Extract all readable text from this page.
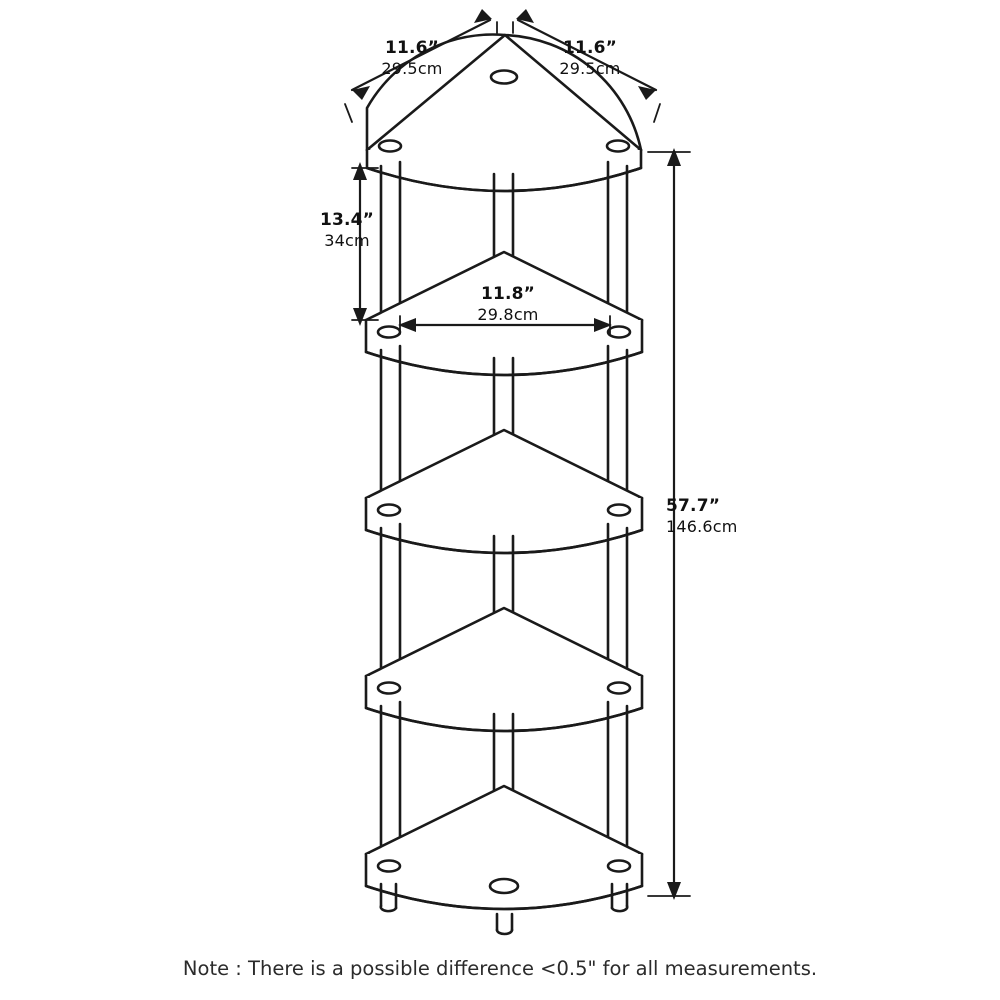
11.6”
29.5cm
11.6”
29.5cm
13.4”
34cm
11.8”
29.8cm
57.7”
146.6cm
Note : There is a possible difference <0.5" for all measurements.
